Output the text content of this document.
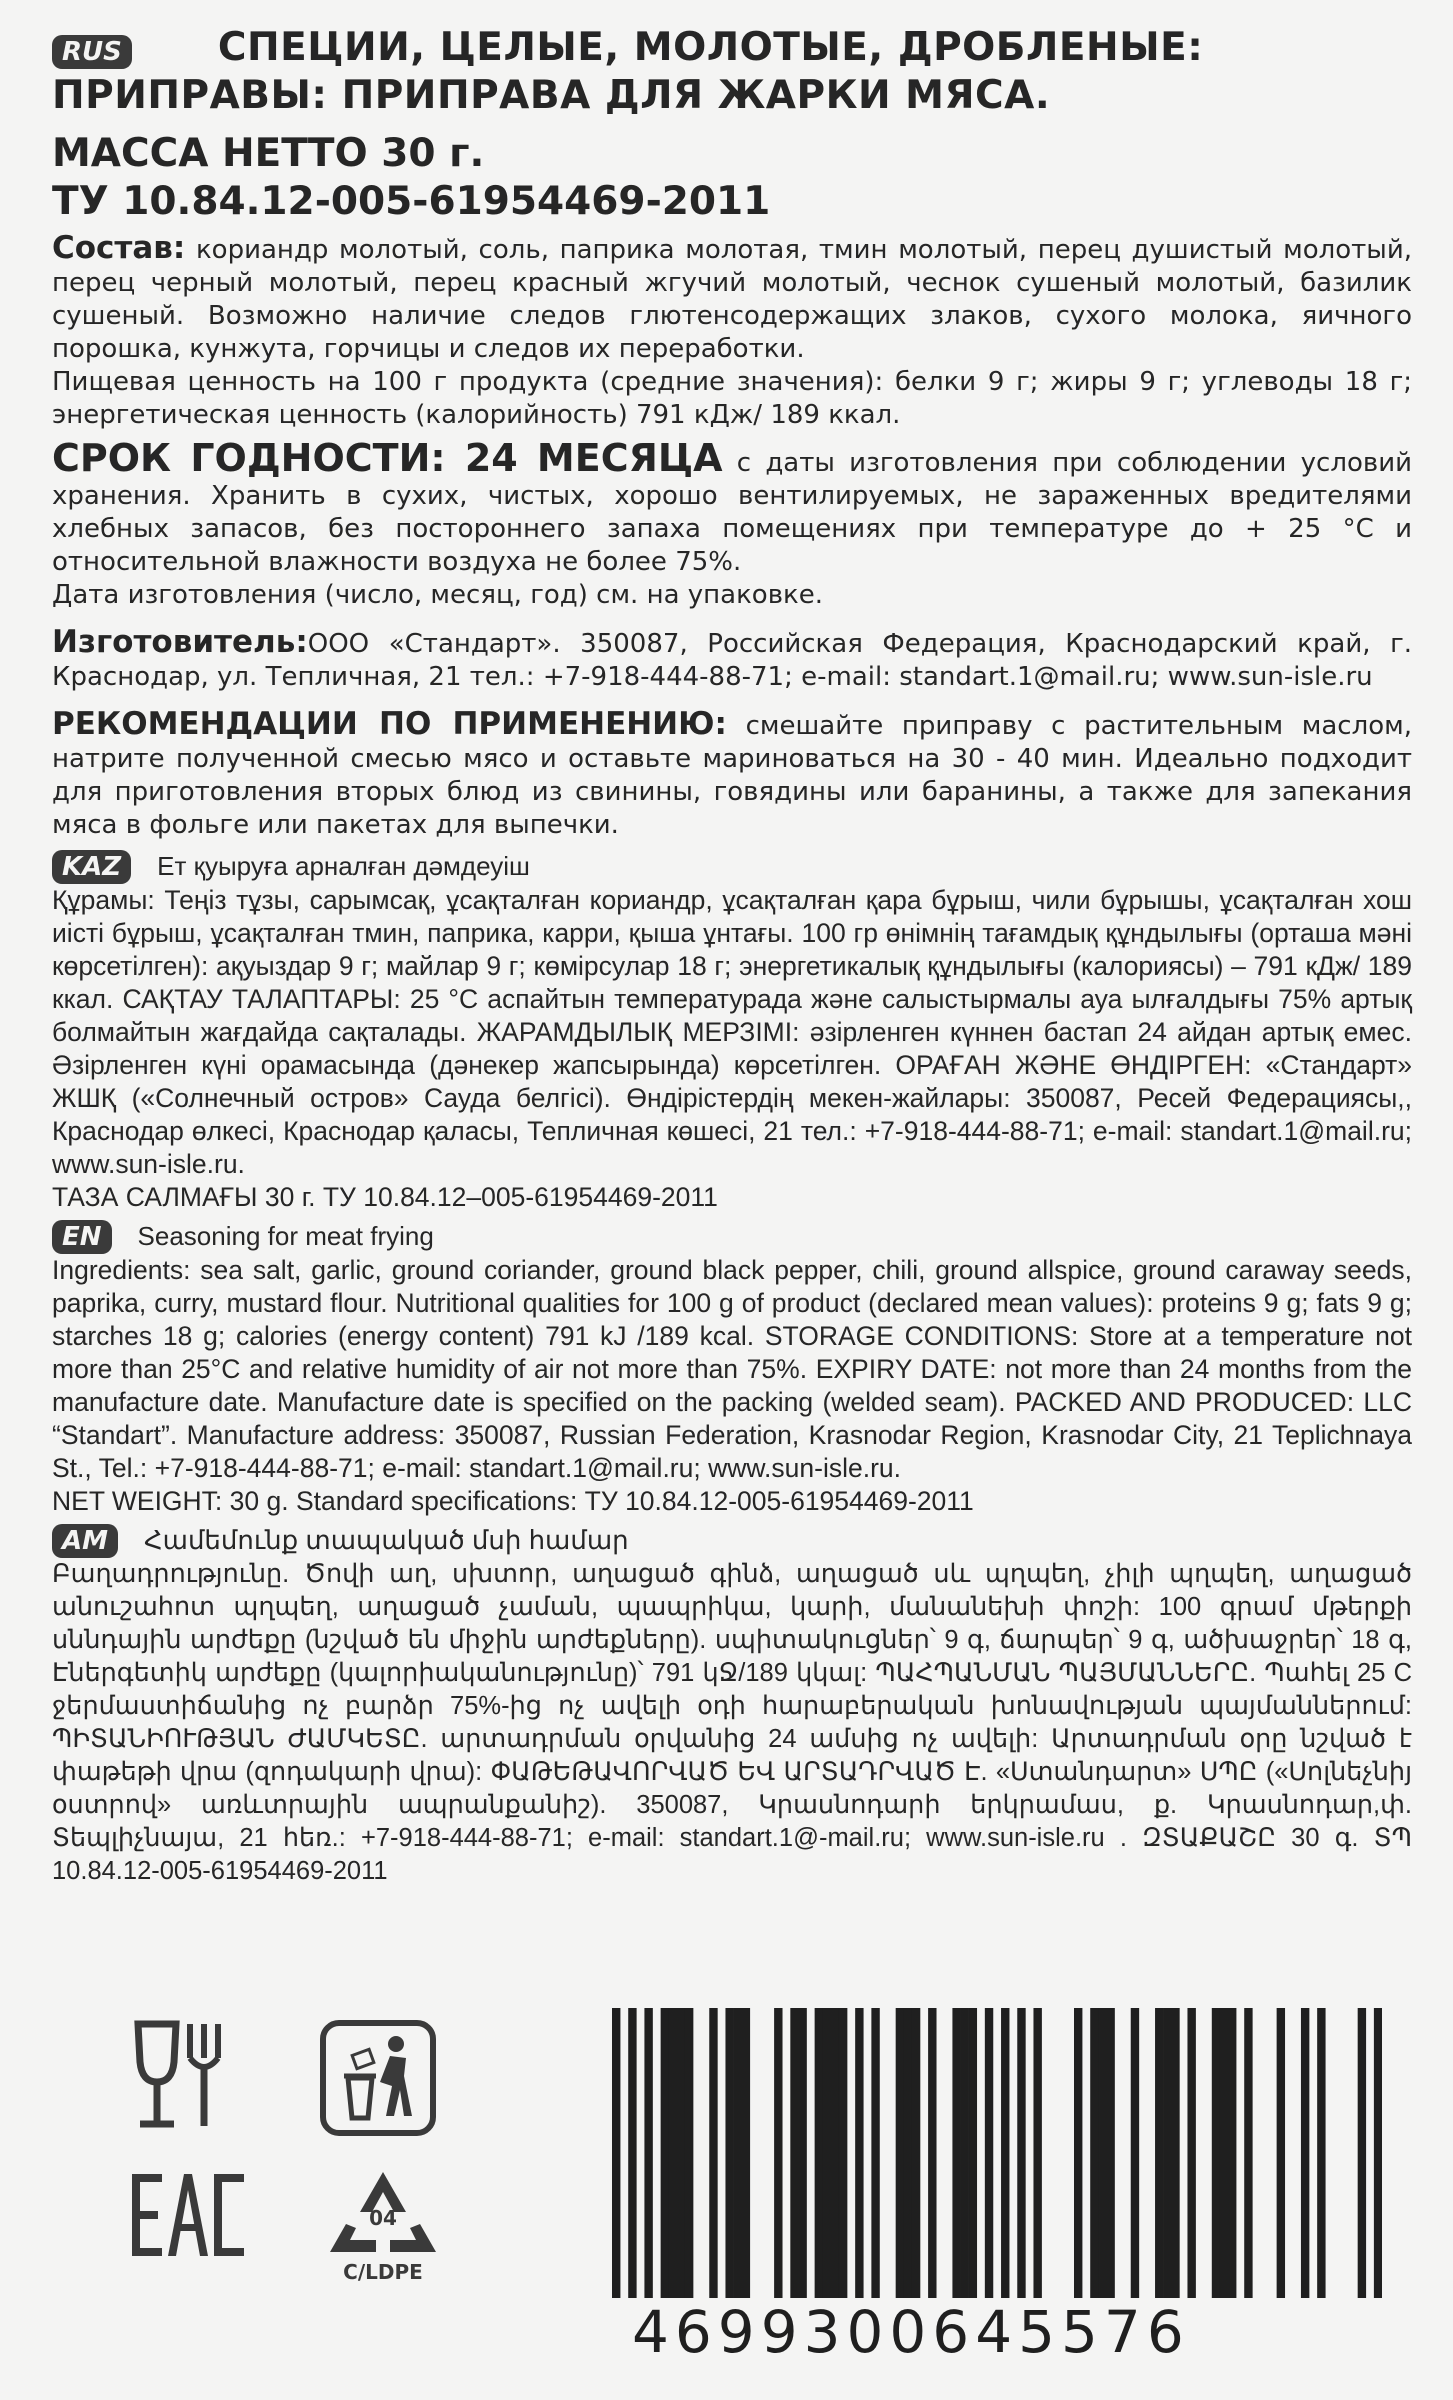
RUS СПЕЦИИ, ЦЕЛЫЕ, МОЛОТЫЕ, ДРОБЛЕНЫЕ:
ПРИПРАВЫ: ПРИПРАВА ДЛЯ ЖАРКИ МЯСА.
МАССА НЕТТО 30 г.
ТУ 10.84.12-005-61954469-2011
Состав: кориандр молотый, соль, паприка молотая, тмин молотый, перец душистый молотый, перец черный молотый, перец красный жгучий молотый, чеснок сушеный молотый, базилик сушеный. Возможно наличие следов глютенсодержащих злаков, сухого молока, яичного порошка, кунжута, горчицы и следов их переработки.
Пищевая ценность на 100 г продукта (средние значения): белки 9 г; жиры 9 г; углеводы 18 г; энергетическая ценность (калорийность) 791 кДж/ 189 ккал.
СРОК ГОДНОСТИ: 24 МЕСЯЦА с даты изготовления при соблюдении условий хранения. Хранить в сухих, чистых, хорошо вентилируемых, не зараженных вредителями хлебных запасов, без постороннего запаха помещениях при температуре до + 25 °С и относительной влажности воздуха не более 75%.
Дата изготовления (число, месяц, год) см. на упаковке.
Изготовитель:ООО «Стандарт». 350087, Российская Федерация, Краснодарский край, г. Краснодар, ул. Тепличная, 21 тел.: +7-918-444-88-71; e-mail: standart.1@mail.ru; www.sun-isle.ru
РЕКОМЕНДАЦИИ ПО ПРИМЕНЕНИЮ: смешайте приправу с растительным маслом, натрите полученной смесью мясо и оставьте мариноваться на 30 - 40 мин. Идеально подходит для приготовления вторых блюд из свинины, говядины или баранины, а также для запекания мяса в фольге или пакетах для выпечки.
KAZ	Ет қуыруға арналған дәмдеуіш
Құрамы: Теңіз тұзы, сарымсақ, ұсақталған кориандр, ұсақталған қара бұрыш, чили бұрышы, ұсақталған хош иісті бұрыш, ұсақталған тмин, паприка, карри, қыша ұнтағы. 100 гр өнімнің тағамдық құндылығы (орташа мәні көрсетілген): ақуыздар 9 г; майлар 9 г; көмірсулар 18 г; энергетикалық құндылығы (калориясы) – 791 кДж/ 189 ккал. САҚТАУ ТАЛАПТАРЫ: 25 °С аспайтын температурада және салыстырмалы ауа ылғалдығы 75% артық болмайтын жағдайда сақталады. ЖАРАМДЫЛЫҚ МЕРЗІМІ: әзірленген күннен бастап 24 айдан артық емес. Әзірленген күні орамасында (дәнекер жапсырында) көрсетілген. ОРАҒАН ЖӘНЕ ӨНДІРГЕН: «Стандарт» ЖШҚ («Солнечный остров» Сауда белгісі). Өндірістердің мекен-жайлары: 350087, Ресей Федерациясы,, Краснодар өлкесі, Краснодар қаласы, Тепличная көшесі, 21 тел.: +7-918-444-88-71; e-mail: standart.1@mail.ru; www.sun-isle.ru.
ТАЗА САЛМАҒЫ 30 г. ТУ 10.84.12–005-61954469-2011
EN	Seasoning for meat frying
Ingredients: sea salt, garlic, ground coriander, ground black pepper, chili, ground allspice, ground caraway seeds, paprika, curry, mustard flour. Nutritional qualities for 100 g of product (declared mean values): proteins 9 g; fats 9 g; starches 18 g; calories (energy content) 791 kJ /189 kcal. STORAGE CONDITIONS: Store at a temperature not more than 25°C and relative humidity of air not more than 75%. EXPIRY DATE: not more than 24 months from the manufacture date. Manufacture date is specified on the packing (welded seam). PACKED AND PRODUCED: LLC “Standart”. Manufacture address: 350087, Russian Federation, Krasnodar Region, Krasnodar City, 21 Teplichnaya St., Tel.: +7-918-444-88-71; e-mail: standart.1@mail.ru; www.sun-isle.ru.
NET WEIGHT: 30 g. Standard specifications: ТУ 10.84.12-005-61954469-2011
AM	Համեմունք տապակած մսի համար
Բաղադրությունը. Ծովի աղ, սխտոր, աղացած գինձ, աղացած սև պղպեղ, չիլի պղպեղ, աղացած անուշահոտ պղպեղ, աղացած չաման, պապրիկա, կարի, մանանեխի փոշի: 100 գրամ մթերքի սննդային արժեքը (նշված են միջին արժեքները). սպիտակուցներ՝ 9 գ, ճարպեր՝ 9 գ, ածխաջրեր՝ 18 գ, Էներգետիկ արժեքը (կալորիականությունը)՝ 791 կՋ/189 կկալ: ՊԱՀՊԱՆՄԱՆ ՊԱՅՄԱՆՆԵՐԸ. Պահել 25 C ջերմաստիճանից ոչ բարձր 75%-ից ոչ ավելի օդի հարաբերական խոնավության պայմաններում: ՊԻՏԱՆԻՈՒԹՅԱՆ ԺԱՄԿԵՏԸ. արտադրման օրվանից 24 ամսից ոչ ավելի: Արտադրման օրը նշված է փաթեթի վրա (զոդակարի վրա): ՓԱԹԵԹԱՎՈՐՎԱԾ ԵՎ ԱՐՏԱԴՐՎԱԾ Է. «Ստանդարտ» ՍՊԸ («Սոլնեչնիյ օստրով» առևտրային ապրանքանիշ). 350087, Կրասնոդարի երկրամաս, ք. Կրասնոդար,փ. Տեպլիչնայա, 21 հեռ.: +7-918-444-88-71; e-mail: standart.1@-mail.ru; www.sun-isle.ru . ԶՏԱՔԱՇԸ 30 գ. ՏՊ 10.84.12-005-61954469-2011
04
C/LDPE
4699300645576
